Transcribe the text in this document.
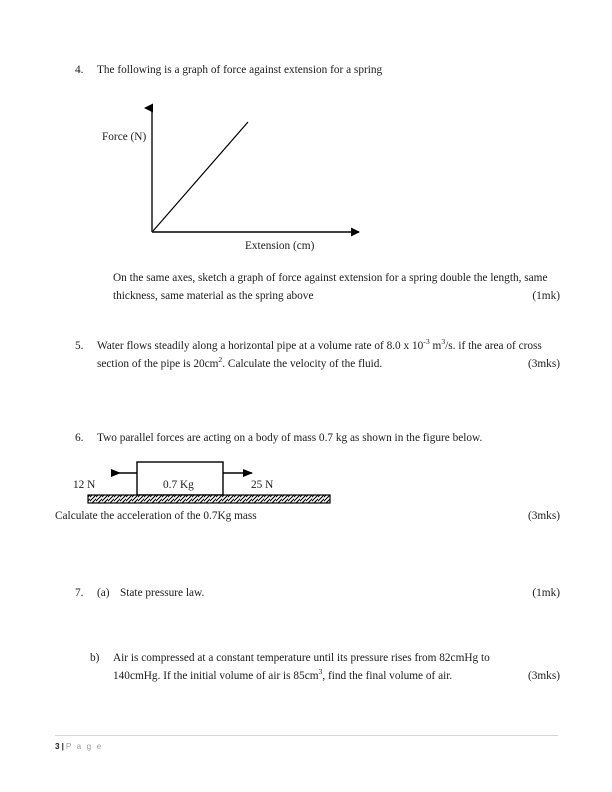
4.	The following is a graph of force against extension for a spring
Force (N)
Extension (cm)
On the same axes, sketch a graph of force against extension for a spring double the length, same thickness, same material as the spring above	(1mk)
5.	Water flows steadily along a horizontal pipe at a volume rate of 8.0 x $10^{-3}$ $m^3/s$. if the area of cross section of the pipe is $20cm^2$. Calculate the velocity of the fluid.	(3mks)
6.	Two parallel forces are acting on a body of mass 0.7 kg as shown in the figure below.
12 N	0.7 Kg	25 N
Calculate the acceleration of the 0.7Kg mass	(3mks)
7.	(a) State pressure law.	(1mk)
b)	Air is compressed at a constant temperature until its pressure rises from 82cmHg to 140cmHg. If the initial volume of air is $85cm^3$, find the final volume of air.	(3mks)
3 | P a g e
